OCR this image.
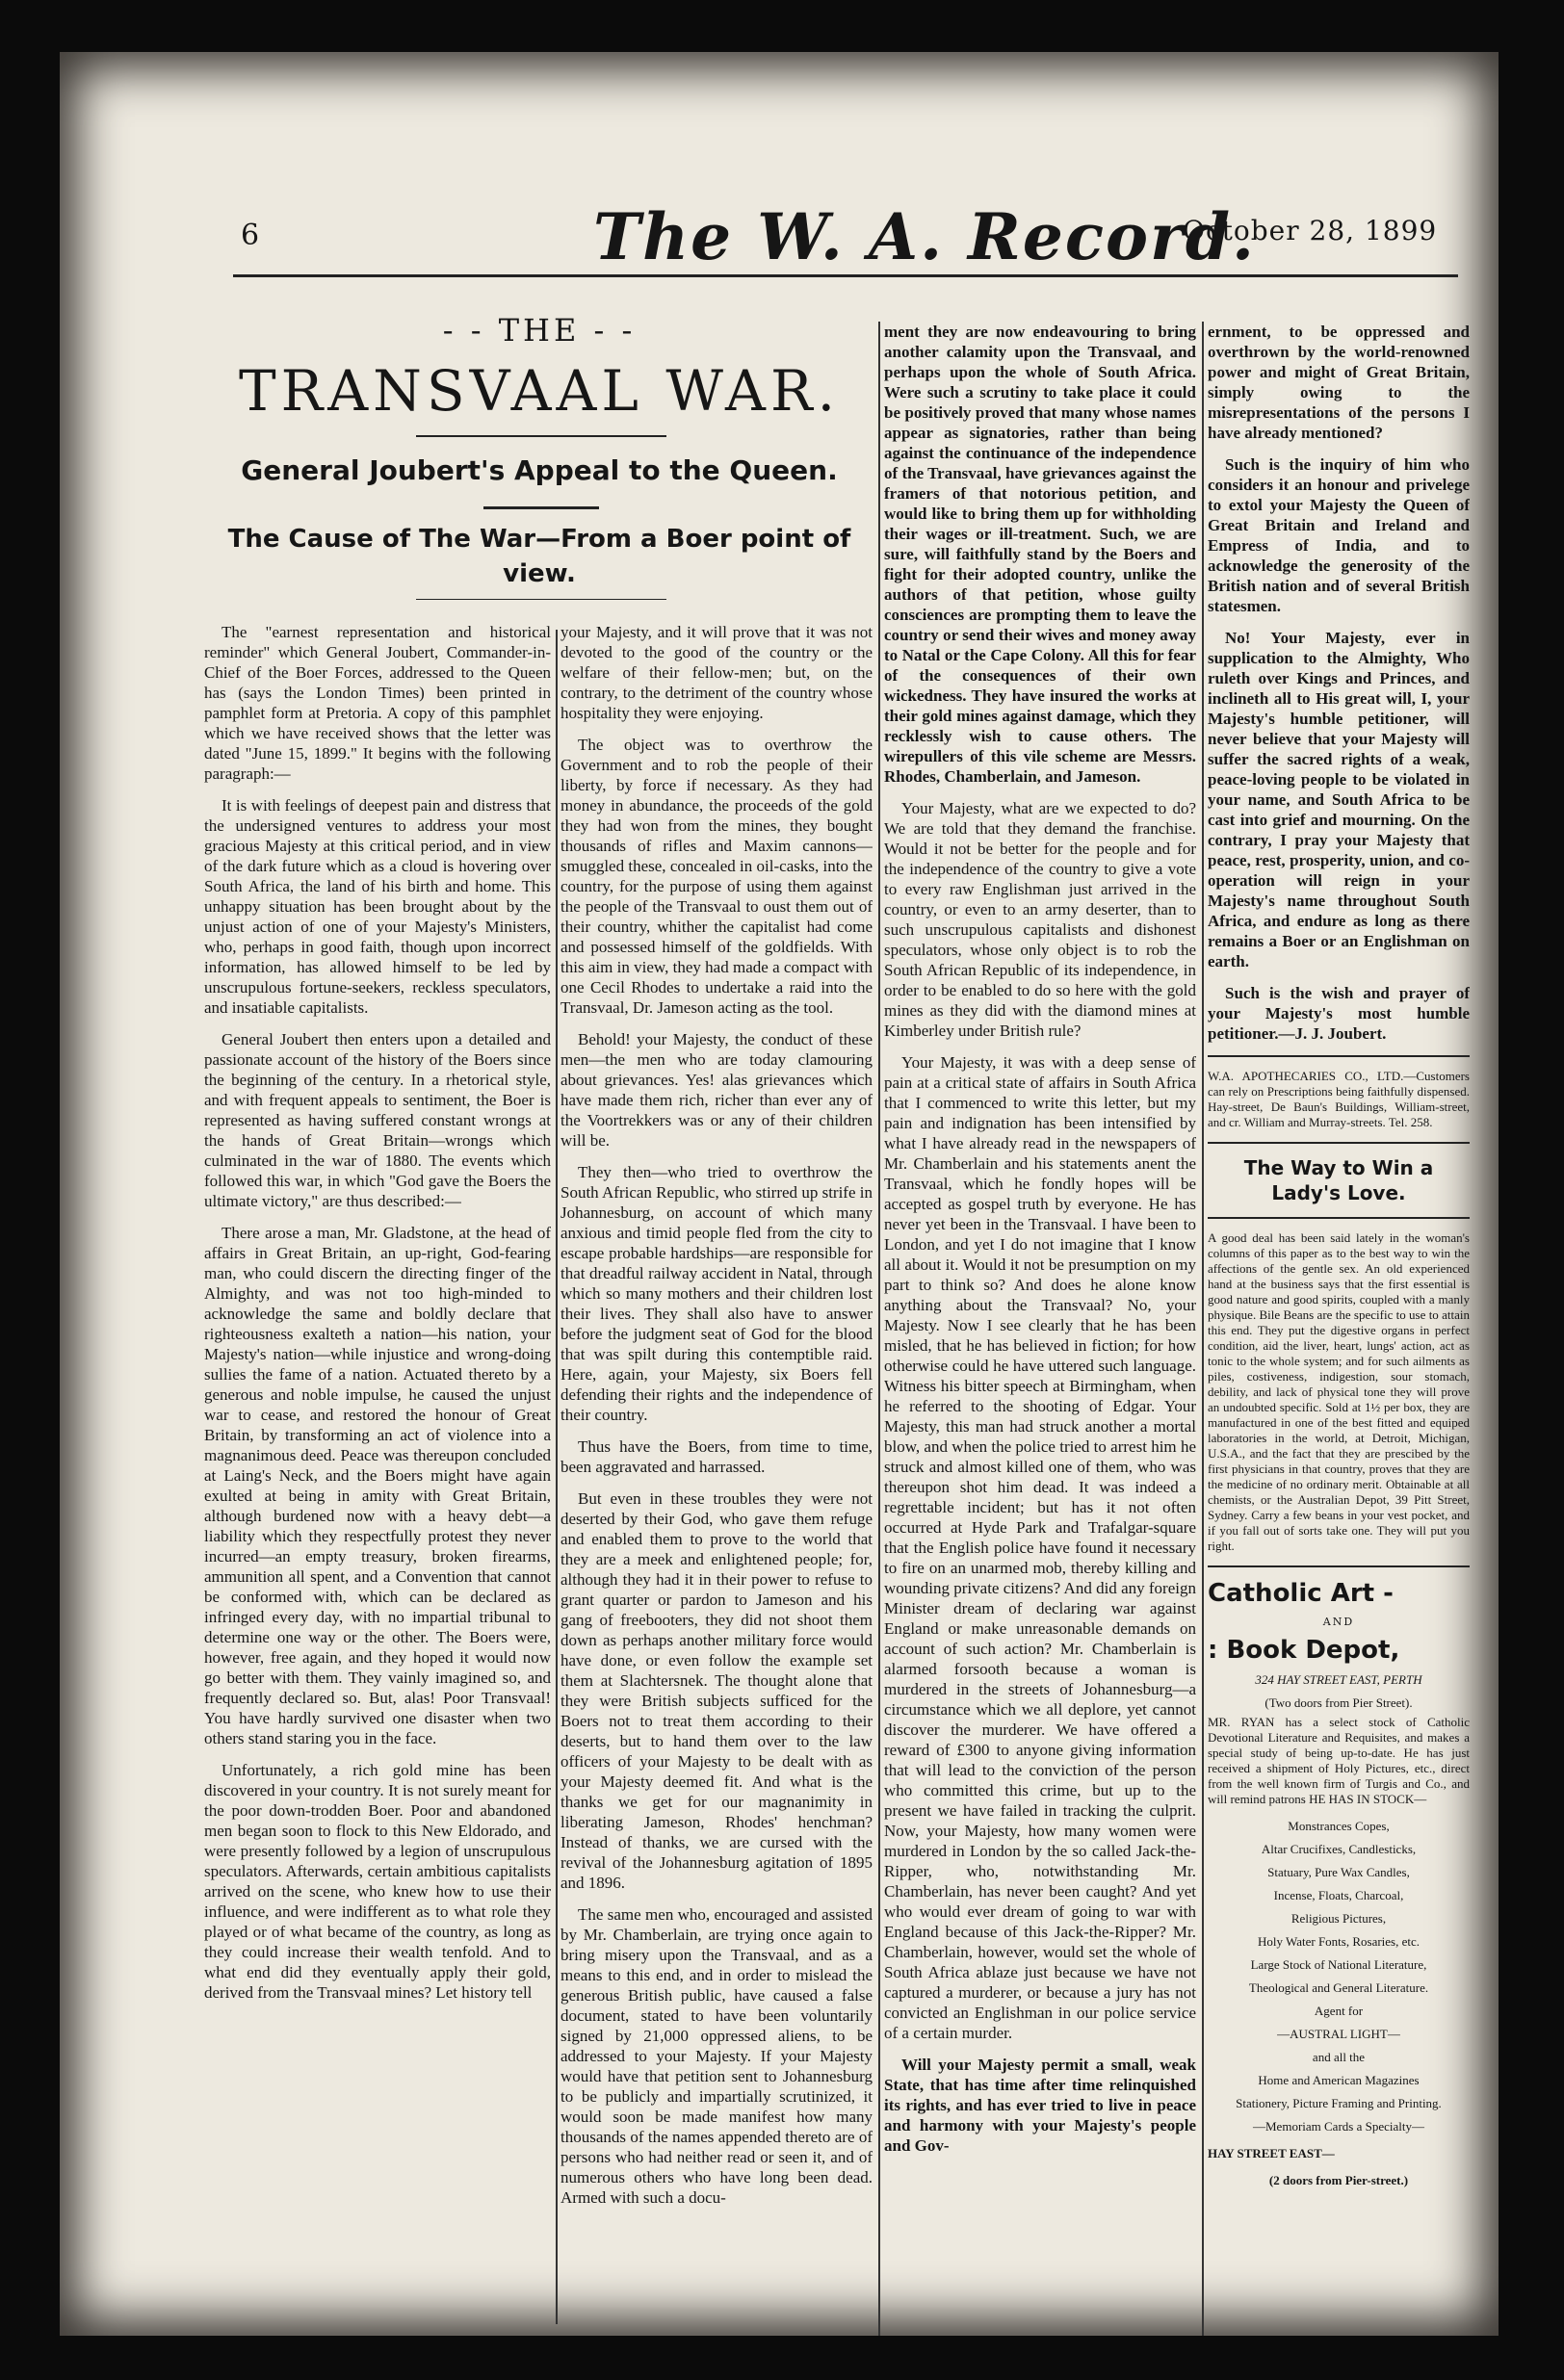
6	The W. A. Record.
October 28, 1899
- - THE - -
TRANSVAAL WAR.
General Joubert's Appeal to the Queen.
The Cause of The War—From a Boer point of view.

The "earnest representation and historical reminder" which General Joubert, Commander-in-Chief of the Boer Forces, addressed to the Queen has (says the London Times) been printed in pamphlet form at Pretoria. A copy of this pamphlet which we have received shows that the letter was dated "June 15, 1899." It begins with the following paragraph:—

It is with feelings of deepest pain and distress that the undersigned ventures to address your most gracious Majesty at this critical period, and in view of the dark future which as a cloud is hovering over South Africa, the land of his birth and home. This unhappy situation has been brought about by the unjust action of one of your Majesty's Ministers, who, perhaps in good faith, though upon incorrect information, has allowed himself to be led by unscrupulous fortune-seekers, reckless speculators, and insatiable capitalists.

General Joubert then enters upon a detailed and passionate account of the history of the Boers since the beginning of the century. In a rhetorical style, and with frequent appeals to sentiment, the Boer is represented as having suffered constant wrongs at the hands of Great Britain—wrongs which culminated in the war of 1880. The events which followed this war, in which "God gave the Boers the ultimate victory," are thus described:—

There arose a man, Mr. Gladstone, at the head of affairs in Great Britain, an up-right, God-fearing man, who could discern the directing finger of the Almighty, and was not too high-minded to acknowledge the same and boldly declare that righteousness exalteth a nation—his nation, your Majesty's nation—while injustice and wrong-doing sullies the fame of a nation. Actuated thereto by a generous and noble impulse, he caused the unjust war to cease, and restored the honour of Great Britain, by transforming an act of violence into a magnanimous deed. Peace was thereupon concluded at Laing's Neck, and the Boers might have again exulted at being in amity with Great Britain, although burdened now with a heavy debt—a liability which they respectfully protest they never incurred—an empty treasury, broken firearms, ammunition all spent, and a Convention that cannot be conformed with, which can be declared as infringed every day, with no impartial tribunal to determine one way or the other. The Boers were, however, free again, and they hoped it would now go better with them. They vainly imagined so, and frequently declared so. But, alas! Poor Transvaal! You have hardly survived one disaster when two others stand staring you in the face.

Unfortunately, a rich gold mine has been discovered in your country. It is not surely meant for the poor down-trodden Boer. Poor and abandoned men began soon to flock to this New Eldorado, and were presently followed by a legion of unscrupulous speculators. Afterwards, certain ambitious capitalists arrived on the scene, who knew how to use their influence, and were indifferent as to what role they played or of what became of the country, as long as they could increase their wealth tenfold. And to what end did they eventually apply their gold, derived from the Transvaal mines? Let history tell

your Majesty, and it will prove that it was not devoted to the good of the country or the welfare of their fellow-men; but, on the contrary, to the detriment of the country whose hospitality they were enjoying.

The object was to overthrow the Government and to rob the people of their liberty, by force if necessary. As they had money in abundance, the proceeds of the gold they had won from the mines, they bought thousands of rifles and Maxim cannons—smuggled these, concealed in oil-casks, into the country, for the purpose of using them against the people of the Transvaal to oust them out of their country, whither the capitalist had come and possessed himself of the goldfields. With this aim in view, they had made a compact with one Cecil Rhodes to undertake a raid into the Transvaal, Dr. Jameson acting as the tool.

Behold! your Majesty, the conduct of these men—the men who are today clamouring about grievances. Yes! alas grievances which have made them rich, richer than ever any of the Voortrekkers was or any of their children will be.

They then—who tried to overthrow the South African Republic, who stirred up strife in Johannesburg, on account of which many anxious and timid people fled from the city to escape probable hardships—are responsible for that dreadful railway accident in Natal, through which so many mothers and their children lost their lives. They shall also have to answer before the judgment seat of God for the blood that was spilt during this contemptible raid. Here, again, your Majesty, six Boers fell defending their rights and the independence of their country.

Thus have the Boers, from time to time, been aggravated and harrassed.

But even in these troubles they were not deserted by their God, who gave them refuge and enabled them to prove to the world that they are a meek and enlightened people; for, although they had it in their power to refuse to grant quarter or pardon to Jameson and his gang of freebooters, they did not shoot them down as perhaps another military force would have done, or even follow the example set them at Slachtersnek. The thought alone that they were British subjects sufficed for the Boers not to treat them according to their deserts, but to hand them over to the law officers of your Majesty to be dealt with as your Majesty deemed fit. And what is the thanks we get for our magnanimity in liberating Jameson, Rhodes' henchman? Instead of thanks, we are cursed with the revival of the Johannesburg agitation of 1895 and 1896.

The same men who, encouraged and assisted by Mr. Chamberlain, are trying once again to bring misery upon the Transvaal, and as a means to this end, and in order to mislead the generous British public, have caused a false document, stated to have been voluntarily signed by 21,000 oppressed aliens, to be addressed to your Majesty. If your Majesty would have that petition sent to Johannesburg to be publicly and impartially scrutinized, it would soon be made manifest how many thousands of the names appended thereto are of persons who had neither read or seen it, and of numerous others who have long been dead. Armed with such a docu-

ment they are now endeavouring to bring another calamity upon the Transvaal, and perhaps upon the whole of South Africa. Were such a scrutiny to take place it could be positively proved that many whose names appear as signatories, rather than being against the continuance of the independence of the Transvaal, have grievances against the framers of that notorious petition, and would like to bring them up for withholding their wages or ill-treatment. Such, we are sure, will faithfully stand by the Boers and fight for their adopted country, unlike the authors of that petition, whose guilty consciences are prompting them to leave the country or send their wives and money away to Natal or the Cape Colony. All this for fear of the consequences of their own wickedness. They have insured the works at their gold mines against damage, which they recklessly wish to cause others. The wirepullers of this vile scheme are Messrs. Rhodes, Chamberlain, and Jameson.

Your Majesty, what are we expected to do? We are told that they demand the franchise. Would it not be better for the people and for the independence of the country to give a vote to every raw Englishman just arrived in the country, or even to an army deserter, than to such unscrupulous capitalists and dishonest speculators, whose only object is to rob the South African Republic of its independence, in order to be enabled to do so here with the gold mines as they did with the diamond mines at Kimberley under British rule?

Your Majesty, it was with a deep sense of pain at a critical state of affairs in South Africa that I commenced to write this letter, but my pain and indignation has been intensified by what I have already read in the newspapers of Mr. Chamberlain and his statements anent the Transvaal, which he fondly hopes will be accepted as gospel truth by everyone. He has never yet been in the Transvaal. I have been to London, and yet I do not imagine that I know all about it. Would it not be presumption on my part to think so? And does he alone know anything about the Transvaal? No, your Majesty. Now I see clearly that he has been misled, that he has believed in fiction; for how otherwise could he have uttered such language. Witness his bitter speech at Birmingham, when he referred to the shooting of Edgar. Your Majesty, this man had struck another a mortal blow, and when the police tried to arrest him he struck and almost killed one of them, who was thereupon shot him dead. It was indeed a regrettable incident; but has it not often occurred at Hyde Park and Trafalgar-square that the English police have found it necessary to fire on an unarmed mob, thereby killing and wounding private citizens? And did any foreign Minister dream of declaring war against England or make unreasonable demands on account of such action? Mr. Chamberlain is alarmed forsooth because a woman is murdered in the streets of Johannesburg—a circumstance which we all deplore, yet cannot discover the murderer. We have offered a reward of £300 to anyone giving information that will lead to the conviction of the person who committed this crime, but up to the present we have failed in tracking the culprit. Now, your Majesty, how many women were murdered in London by the so called Jack-the-Ripper, who, notwithstanding Mr. Chamberlain, has never been caught? And yet who would ever dream of going to war with England because of this Jack-the-Ripper? Mr. Chamberlain, however, would set the whole of South Africa ablaze just because we have not captured a murderer, or because a jury has not convicted an Englishman in our police service of a certain murder.

Will your Majesty permit a small, weak State, that has time after time relinquished its rights, and has ever tried to live in peace and harmony with your Majesty's people and Gov-

ernment, to be oppressed and overthrown by the world-renowned power and might of Great Britain, simply owing to the misrepresentations of the persons I have already mentioned?

Such is the inquiry of him who considers it an honour and privelege to extol your Majesty the Queen of Great Britain and Ireland and Empress of India, and to acknowledge the generosity of the British nation and of several British statesmen.

No! Your Majesty, ever in supplication to the Almighty, Who ruleth over Kings and Princes, and inclineth all to His great will, I, your Majesty's humble petitioner, will never believe that your Majesty will suffer the sacred rights of a weak, peace-loving people to be violated in your name, and South Africa to be cast into grief and mourning. On the contrary, I pray your Majesty that peace, rest, prosperity, union, and co-operation will reign in your Majesty's name throughout South Africa, and endure as long as there remains a Boer or an Englishman on earth.

Such is the wish and prayer of your Majesty's most humble petitioner.—J. J. Joubert.

W.A. APOTHECARIES CO., LTD.—Customers can rely on Prescriptions being faithfully dispensed. Hay-street, De Baun's Buildings, William-street, and cr. William and Murray-streets. Tel. 258.

The Way to Win a Lady's Love.

A good deal has been said lately in the woman's columns of this paper as to the best way to win the affections of the gentle sex. An old experienced hand at the business says that the first essential is good nature and good spirits, coupled with a manly physique. Bile Beans are the specific to use to attain this end. They put the digestive organs in perfect condition, aid the liver, heart, lungs' action, act as tonic to the whole system; and for such ailments as piles, costiveness, indigestion, sour stomach, debility, and lack of physical tone they will prove an undoubted specific. Sold at 1½ per box, they are manufactured in one of the best fitted and equiped laboratories in the world, at Detroit, Michigan, U.S.A., and the fact that they are prescibed by the first physicians in that country, proves that they are the medicine of no ordinary merit. Obtainable at all chemists, or the Australian Depot, 39 Pitt Street, Sydney. Carry a few beans in your vest pocket, and if you fall out of sorts take one. They will put you right.

Catholic Art -
AND
: Book Depot,
324 HAY STREET EAST, PERTH
(Two doors from Pier Street).

MR. RYAN has a select stock of Catholic Devotional Literature and Requisites, and makes a special study of being up-to-date. He has just received a shipment of Holy Pictures, etc., direct from the well known firm of Turgis and Co., and will remind patrons HE HAS IN STOCK—

Monstrances Copes,

Altar Crucifixes, Candlesticks,

Statuary, Pure Wax Candles,

Incense, Floats, Charcoal,

Religious Pictures,

Holy Water Fonts, Rosaries, etc.

Large Stock of National Literature,

Theological and General Literature.

Agent for

—AUSTRAL LIGHT—

and all the

Home and American Magazines

Stationery, Picture Framing and Printing.

—Memoriam Cards a Specialty—

HAY STREET EAST—

(2 doors from Pier-street.)
